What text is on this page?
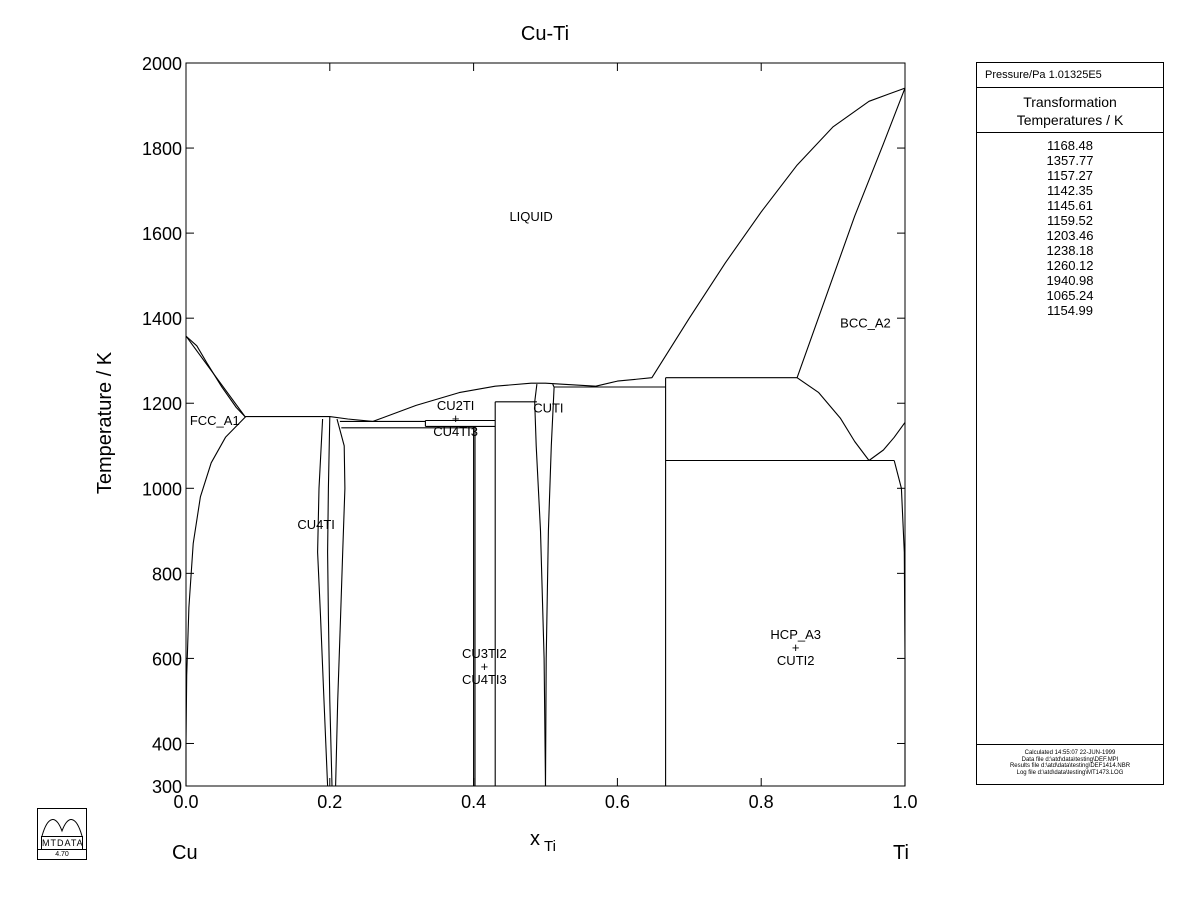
0.0	0.2	0.4	0.6	0.8	1.0
300
400
600
800
1000
1200
1400
1600
1800
2000
LIQUID
BCC_A2
FCC_A1
CU2TI
+
CU4TI3
CUTI
CU4TI
CU3TI2
+
CU4TI3
HCP_A3
+
CUTI2
Cu-Ti
Temperature / K
x $_{Ti}$
Cu	Ti
Pressure/Pa 1.01325E5
Transformation
Temperatures / K
1168.48
1357.77
1157.27
1142.35
1145.61
1159.52
1203.46
1238.18
1260.12
1940.98
1065.24
1154.99
Calculated 14:55:07 22-JUN-1999
Data file d:\atd\data\testing\DEF.MPI
Results file d:\atd\data\testing\DEF1414.NBR
Log file d:\atd\data\testing\MT1473.LOG
MTDATA
4.70
